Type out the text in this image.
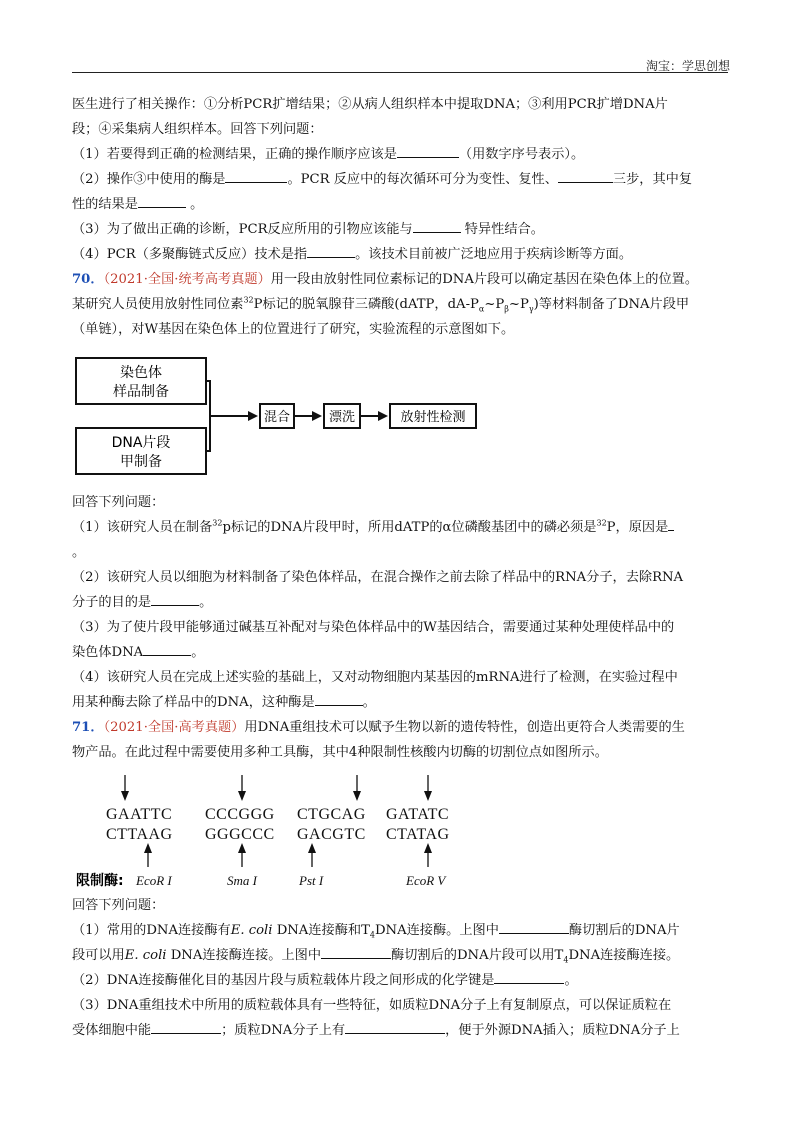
淘宝：学思创想

医生进行了相关操作：①分析PCR扩增结果；②从病人组织样本中提取DNA；③利用PCR扩增DNA片

段；④采集病人组织样本。回答下列问题：

（1）若要得到正确的检测结果，正确的操作顺序应该是	（用数字序号表示）。

（2）操作③中使用的酶是	。PCR 反应中的每次循环可分为变性、复性、	三步，其中复

性的结果是	。

（3）为了做出正确的诊断，PCR反应所用的引物应该能与	特异性结合。

（4）PCR（多聚酶链式反应）技术是指	。该技术目前被广泛地应用于疾病诊断等方面。

70．（2021·全国·统考高考真题）用一段由放射性同位素标记的DNA片段可以确定基因在染色体上的位置。

某研究人员使用放射性同位素$^{32}$P标记的脱氧腺苷三磷酸(dATP，$dA-P_\alpha\sim P_\beta\sim P_\gamma$)等材料制备了DNA片段甲

（单链），对W基因在染色体上的位置进行了研究，实验流程的示意图如下。

染色体
样品制备
DNA片段
甲制备
混合	漂洗	放射性检测

回答下列问题：

（1）该研究人员在制备$^{32}$p标记的DNA片段甲时，所用dATP的α位磷酸基团中的磷必须是$^{32}$P，原因是

。

（2）该研究人员以细胞为材料制备了染色体样品，在混合操作之前去除了样品中的RNA分子，去除RNA

分子的目的是	。

（3）为了使片段甲能够通过碱基互补配对与染色体样品中的W基因结合，需要通过某种处理使样品中的

染色体DNA	。

（4）该研究人员在完成上述实验的基础上，又对动物细胞内某基因的mRNA进行了检测，在实验过程中

用某种酶去除了样品中的DNA，这种酶是	。

71．（2021·全国·高考真题）用DNA重组技术可以赋予生物以新的遗传特性，创造出更符合人类需要的生

物产品。在此过程中需要使用多种工具酶，其中4种限制性核酸内切酶的切割位点如图所示。

GAATTC
CTTAAG
CCCGGG
GGGCCC
CTGCAG
GACGTC
GATATC
CTATAG
限制酶: EcoR I	Sma I	Pst I	EcoR V

回答下列问题：

（1）常用的DNA连接酶有E. coli DNA连接酶和$T_4DNA$连接酶。上图中	酶切割后的DNA片

段可以用E. coli DNA连接酶连接。上图中	酶切割后的DNA片段可以用$T_4DNA$连接酶连接。

（2）DNA连接酶催化目的基因片段与质粒载体片段之间形成的化学键是	。

（3）DNA重组技术中所用的质粒载体具有一些特征，如质粒DNA分子上有复制原点，可以保证质粒在

受体细胞中能	；质粒DNA分子上有	，便于外源DNA插入；质粒DNA分子上
